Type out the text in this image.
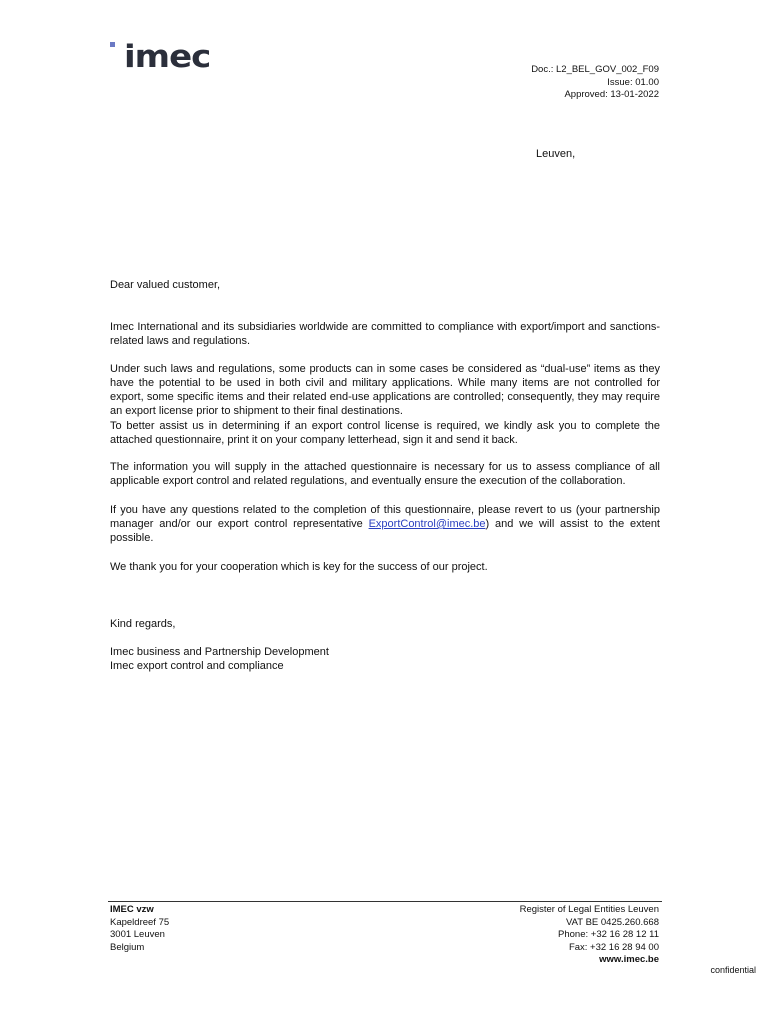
imec	Doc.: L2_BEL_GOV_002_F09
Issue: 01.00
Approved: 13-01-2022
Leuven,

Dear valued customer,

Imec International and its subsidiaries worldwide are committed to compliance with export/import and sanctions-related laws and regulations.

Under such laws and regulations, some products can in some cases be considered as “dual-use” items as they have the potential to be used in both civil and military applications. While many items are not controlled for export, some specific items and their related end-use applications are controlled; consequently, they may require an export license prior to shipment to their final destinations.

To better assist us in determining if an export control license is required, we kindly ask you to complete the attached questionnaire, print it on your company letterhead, sign it and send it back.

The information you will supply in the attached questionnaire is necessary for us to assess compliance of all applicable export control and related regulations, and eventually ensure the execution of the collaboration.

If you have any questions related to the completion of this questionnaire, please revert to us (your partnership manager and/or our export control representative ExportControl@imec.be) and we will assist to the extent possible.

We thank you for your cooperation which is key for the success of our project.

Kind regards,

Imec business and Partnership Development

Imec export control and compliance

IMEC vzw
Kapeldreef 75
3001 Leuven
Belgium
Register of Legal Entities Leuven
VAT BE 0425.260.668
Phone: +32 16 28 12 11
Fax: +32 16 28 94 00
www.imec.be
confidential
